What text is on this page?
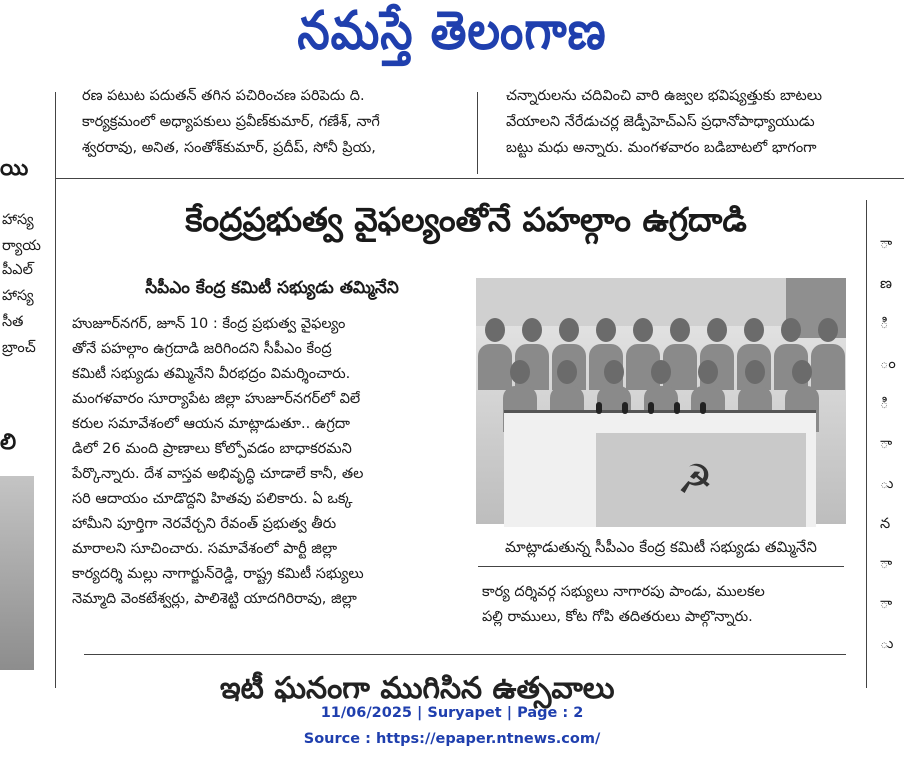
నమస్తే తెలంగాణ
రణ పటుట పదుతన్ తగిన పచిరించణ పరిపెదు ది.
కార్యక్రమంలో అధ్యాపకులు ప్రవీణ్‌కుమార్, గణేశ్, నాగే
శ్వరరావు, అనిత, సంతోశ్‌కుమార్, ప్రదీప్, సోనీ ప్రియ,
చన్నారులను చదివించి వారి ఉజ్వల భవిష్యత్తుకు బాటలు
వేయాలని నేరేడుచర్ల జెడ్పీహెచ్ఎస్ ప్రధానోపాధ్యాయుడు
బట్టు మధు అన్నారు. మంగళవారం బడిబాటలో భాగంగా
యి
హాస్య
ర్యాయ
పీఎల్
హాస్య
సీత
బ్రాంచ్
లి
ా
ణ
ి
ం
ి
ా
ు
న
ా
ా
ు
కేంద్రప్రభుత్వ వైఫల్యంతోనే పహల్గాం ఉగ్రదాడి
సీపీఎం కేంద్ర కమిటీ సభ్యుడు తమ్మినేని
హుజూర్‌నగర్, జూన్ 10 : కేంద్ర ప్రభుత్వ వైఫల్యం
తోనే పహల్గాం ఉగ్రదాడి జరిగిందని సీపీఎం కేంద్ర
కమిటీ సభ్యుడు తమ్మినేని వీరభద్రం విమర్శించారు.
మంగళవారం సూర్యాపేట జిల్లా హుజూర్‌నగర్‌లో విలే
కరుల సమావేశంలో ఆయన మాట్లాడుతూ.. ఉగ్రదా
డిలో 26 మంది ప్రాణాలు కోల్పోవడం బాధాకరమని
పేర్కొన్నారు. దేశ వాస్తవ అభివృద్ధి చూడాలే కానీ, తల
సరి ఆదాయం చూడొద్దని హితవు పలికారు. ఏ ఒక్క
హామీని పూర్తిగా నెరవేర్చని రేవంత్ ప్రభుత్వ తీరు
మారాలని సూచించారు. సమావేశంలో పార్టీ జిల్లా
కార్యదర్శి మల్లు నాగార్జున్‌రెడ్డి, రాష్ట్ర కమిటీ సభ్యులు
నెమ్మాది వెంకటేశ్వర్లు, పాలిశెట్టి యాదగిరిరావు, జిల్లా
☭
మాట్లాడుతున్న సీపీఎం కేంద్ర కమిటీ సభ్యుడు తమ్మినేని
కార్య దర్శివర్గ సభ్యులు నాగారపు పాండు, ములకల
పల్లి రాములు, కోట గోపి తదితరులు పాల్గొన్నారు.
ఇటీ ఘనంగా ముగిసిన ఉత్సవాలు
11/06/2025 | Suryapet | Page : 2
Source : https://epaper.ntnews.com/
